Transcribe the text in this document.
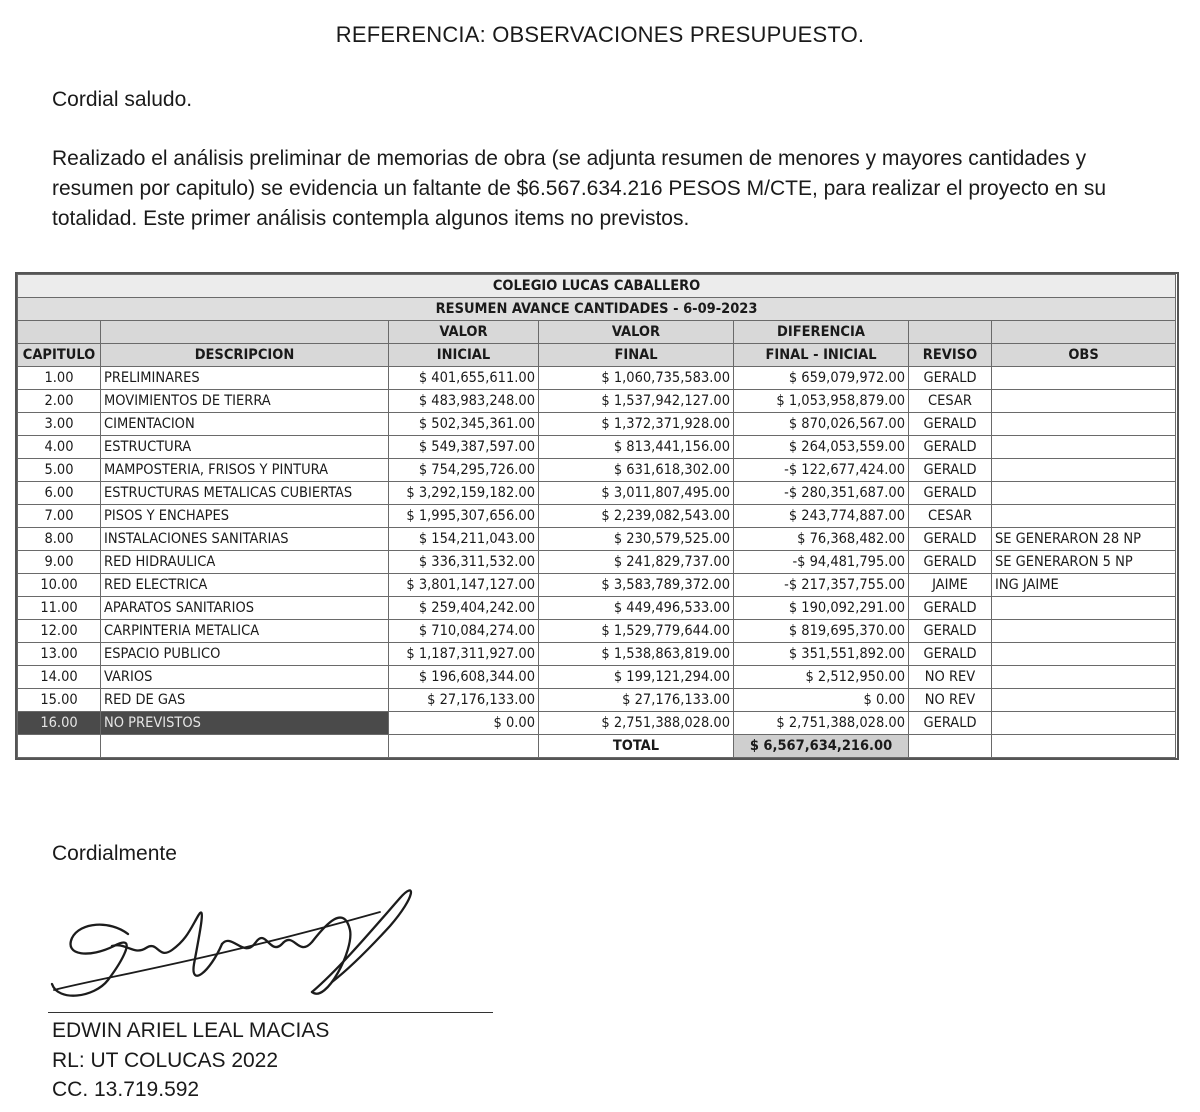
REFERENCIA: OBSERVACIONES PRESUPUESTO.
Cordial saludo.
Realizado el análisis preliminar de memorias de obra (se adjunta resumen de menores y mayores cantidades y resumen por capitulo) se evidencia un faltante de $6.567.634.216 PESOS M/CTE, para realizar el proyecto en su totalidad. Este primer análisis contempla algunos items no previstos.
COLEGIO LUCAS CABALLERO						
RESUMEN AVANCE CANTIDADES - 6-09-2023						
		VALOR	VALOR	DIFERENCIA		
CAPITULO	DESCRIPCION	INICIAL	FINAL	FINAL - INICIAL	REVISO	OBS
1.00	PRELIMINARES	$ 401,655,611.00	$ 1,060,735,583.00	$ 659,079,972.00	GERALD	
2.00	MOVIMIENTOS DE TIERRA	$ 483,983,248.00	$ 1,537,942,127.00	$ 1,053,958,879.00	CESAR	
3.00	CIMENTACION	$ 502,345,361.00	$ 1,372,371,928.00	$ 870,026,567.00	GERALD	
4.00	ESTRUCTURA	$ 549,387,597.00	$ 813,441,156.00	$ 264,053,559.00	GERALD	
5.00	MAMPOSTERIA, FRISOS Y PINTURA	$ 754,295,726.00	$ 631,618,302.00	-$ 122,677,424.00	GERALD	
6.00	ESTRUCTURAS METALICAS CUBIERTAS	$ 3,292,159,182.00	$ 3,011,807,495.00	-$ 280,351,687.00	GERALD	
7.00	PISOS Y ENCHAPES	$ 1,995,307,656.00	$ 2,239,082,543.00	$ 243,774,887.00	CESAR	
8.00	INSTALACIONES SANITARIAS	$ 154,211,043.00	$ 230,579,525.00	$ 76,368,482.00	GERALD	SE GENERARON 28 NP
9.00	RED HIDRAULICA	$ 336,311,532.00	$ 241,829,737.00	-$ 94,481,795.00	GERALD	SE GENERARON 5 NP
10.00	RED ELECTRICA	$ 3,801,147,127.00	$ 3,583,789,372.00	-$ 217,357,755.00	JAIME	ING JAIME
11.00	APARATOS SANITARIOS	$ 259,404,242.00	$ 449,496,533.00	$ 190,092,291.00	GERALD	
12.00	CARPINTERIA METALICA	$ 710,084,274.00	$ 1,529,779,644.00	$ 819,695,370.00	GERALD	
13.00	ESPACIO PUBLICO	$ 1,187,311,927.00	$ 1,538,863,819.00	$ 351,551,892.00	GERALD	
14.00	VARIOS	$ 196,608,344.00	$ 199,121,294.00	$ 2,512,950.00	NO REV	
15.00	RED DE GAS	$ 27,176,133.00	$ 27,176,133.00	$ 0.00	NO REV	
16.00	NO PREVISTOS	$ 0.00	$ 2,751,388,028.00	$ 2,751,388,028.00	GERALD	
			TOTAL	$ 6,567,634,216.00		
Cordialmente
EDWIN ARIEL LEAL MACIAS
RL: UT COLUCAS 2022
CC. 13.719.592
